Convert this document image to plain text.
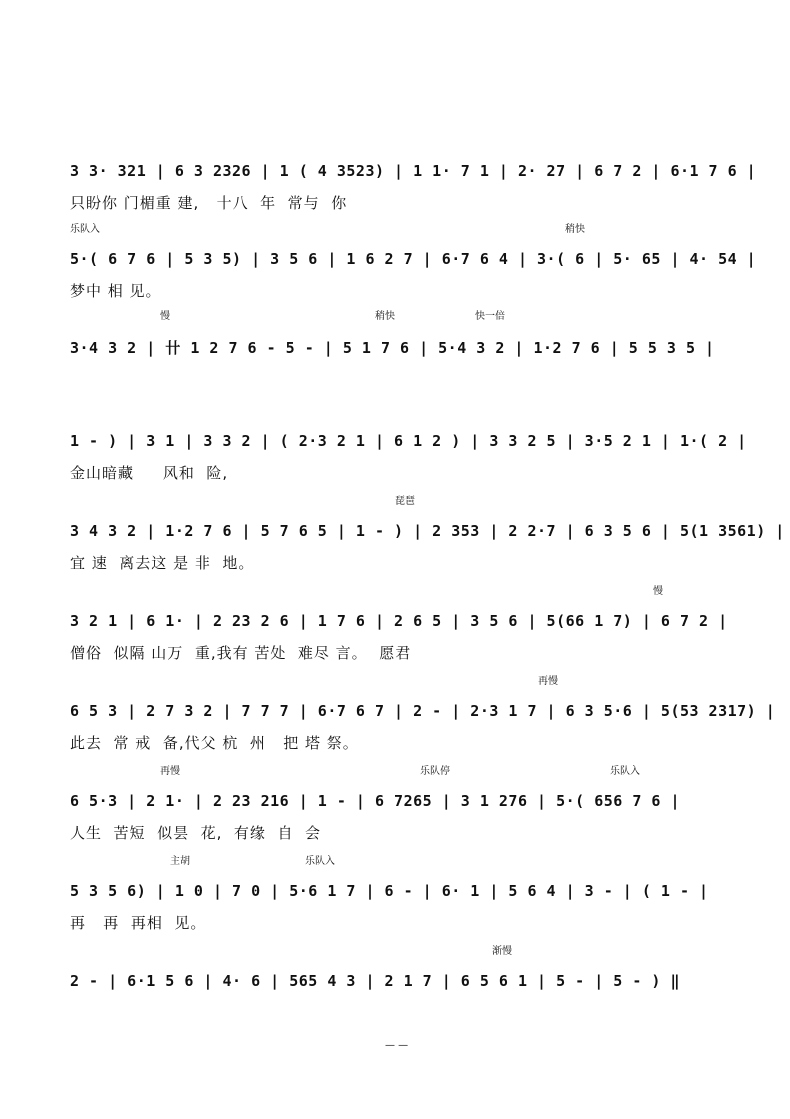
3 3· 321 | 6 3 2326 | 1 ( 4 3523) | 1 1· 7 1 | 2· 27 | 6 7 2 | 6·1 7 6 |
只盼你 门楣重 建,   十八  年  常与  你
乐队入	稍快
5·( 6 7 6 | 5 3 5) | 3 5 6 | 1 6 2 7 | 6·7 6 4 | 3·( 6 | 5· 65 | 4· 54 |
梦中 相 见。
慢	稍快	快一倍
3·4 3 2 | 卄 1 2 7 6 - 5 - | 5 1 7 6 | 5·4 3 2 | 1·2 7 6 | 5 5 3 5 |
1 - ) | 3 1 | 3 3 2 | ( 2·3 2 1 | 6 1 2 ) | 3 3 2 5 | 3·5 2 1 | 1·( 2 |
金山暗藏     风和  险,
琵琶
3 4 3 2 | 1·2 7 6 | 5 7 6 5 | 1 - ) | 2 353 | 2 2·7 | 6 3 5 6 | 5(1 3561) |
宜 速  离去这 是 非  地。
慢
3 2 1 | 6 1· | 2 23 2 6 | 1 7 6 | 2 6 5 | 3 5 6 | 5(66 1 7) | 6 7 2 |
僧俗  似隔 山万  重,我有 苦处  难尽 言。  愿君
再慢
6 5 3 | 2 7 3 2 | 7 7 7 | 6·7 6 7 | 2 - | 2·3 1 7 | 6 3 5·6 | 5(53 2317) |
此去  常 戒  备,代父 杭  州   把 塔 祭。
再慢	乐队停	乐队入
6 5·3 | 2 1· | 2 23 216 | 1 - | 6 7265 | 3 1 276 | 5·( 656 7 6 |
人生  苦短  似昙  花,  有缘  自  会
主胡	乐队入
5 3 5 6) | 1 0 | 7 0 | 5·6 1 7 | 6 - | 6· 1 | 5 6 4 | 3 - | ( 1 - |
再   再  再相  见。
渐慢
2 - | 6·1 5 6 | 4· 6 | 565 4 3 | 2 1 7 | 6 5 6 1 | 5 - | 5 - ) ‖
— —
